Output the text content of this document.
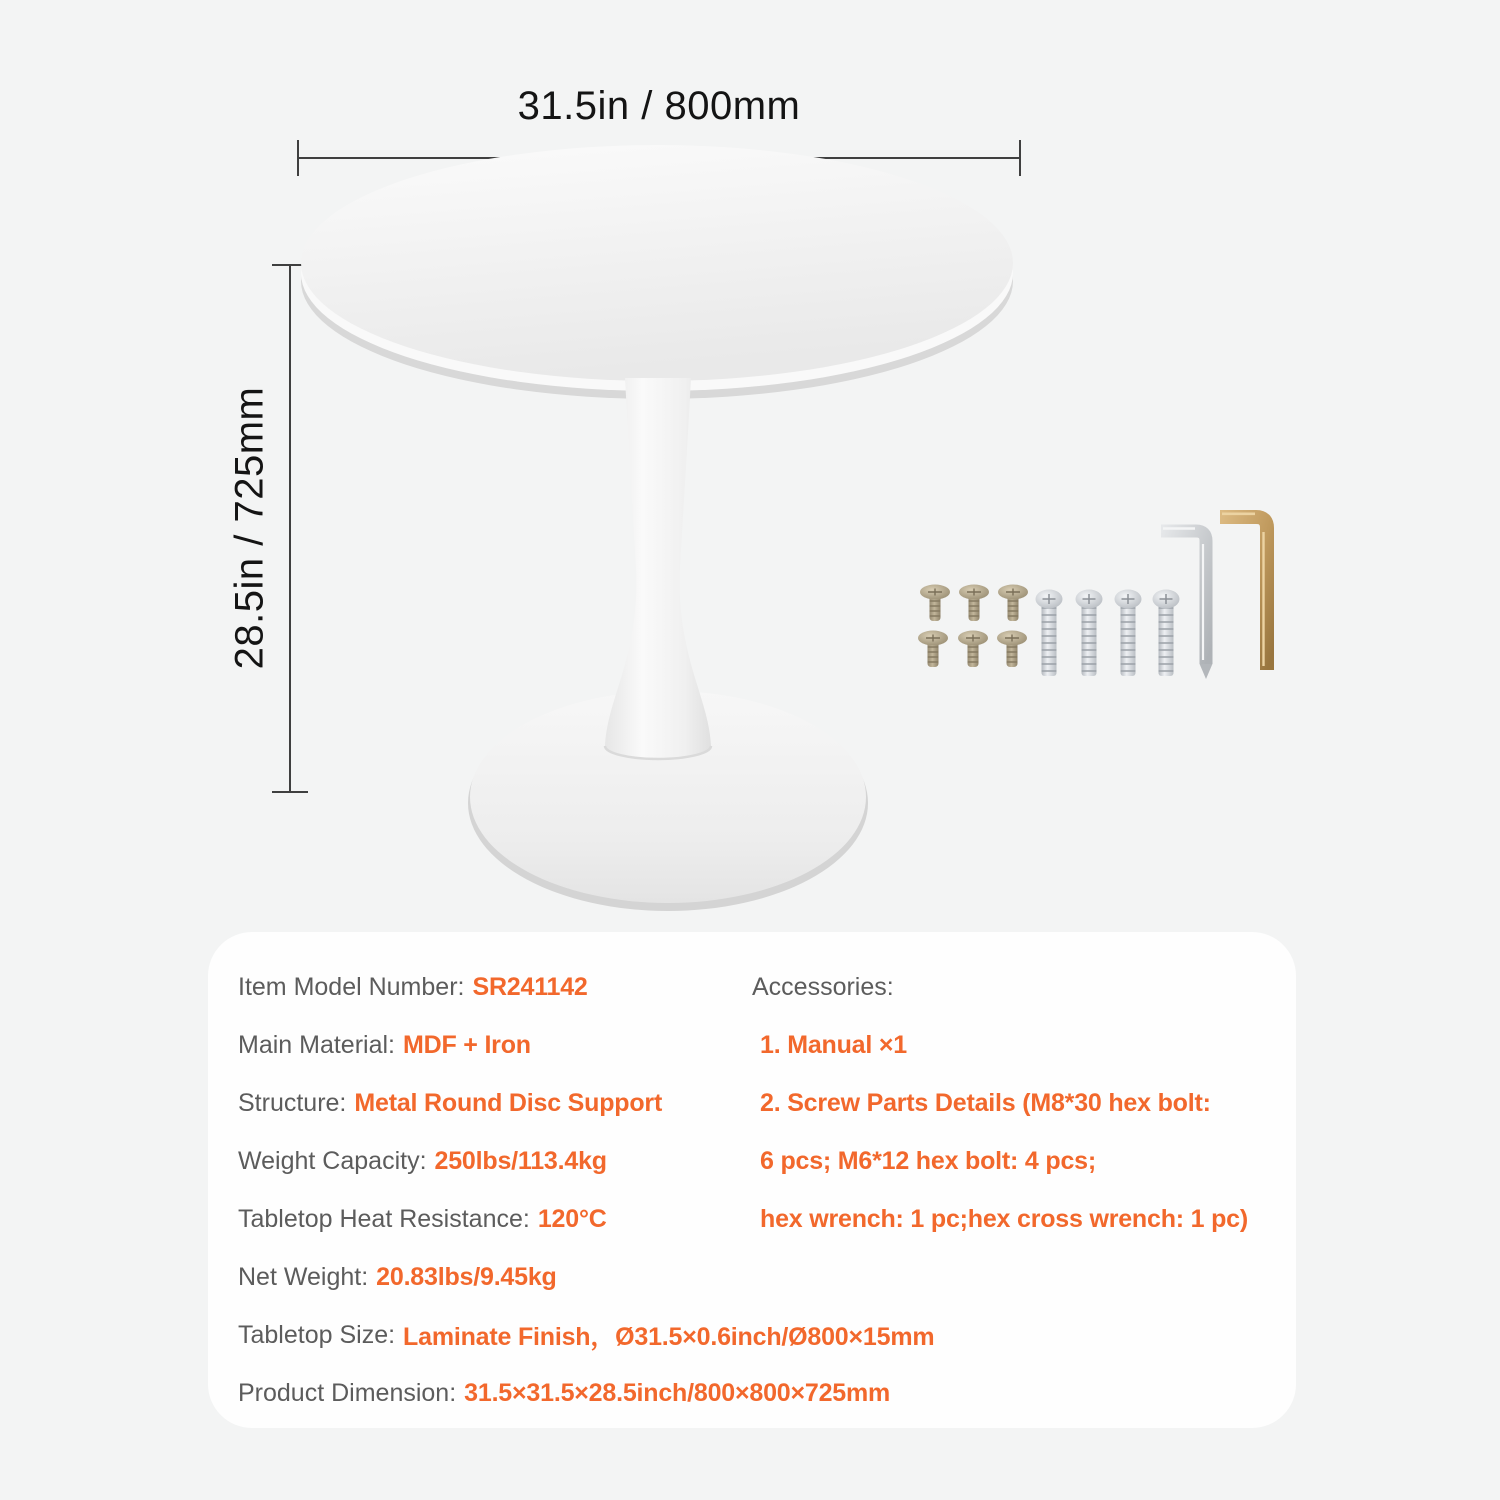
31.5in / 800mm
28.5in / 725mm
Item Model Number: SR241142
Main Material: MDF + Iron
Structure: Metal Round Disc Support
Weight Capacity: 250lbs/113.4kg
Tabletop Heat Resistance: 120°C
Net Weight: 20.83lbs/9.45kg
Tabletop Size: Laminate Finish，Ø31.5×0.6inch/Ø800×15mm
Product Dimension: 31.5×31.5×28.5inch/800×800×725mm
Accessories:
1. Manual ×1
2. Screw Parts Details (M8*30 hex bolt:
6 pcs; M6*12 hex bolt: 4 pcs;
hex wrench: 1 pc;hex cross wrench: 1 pc)
